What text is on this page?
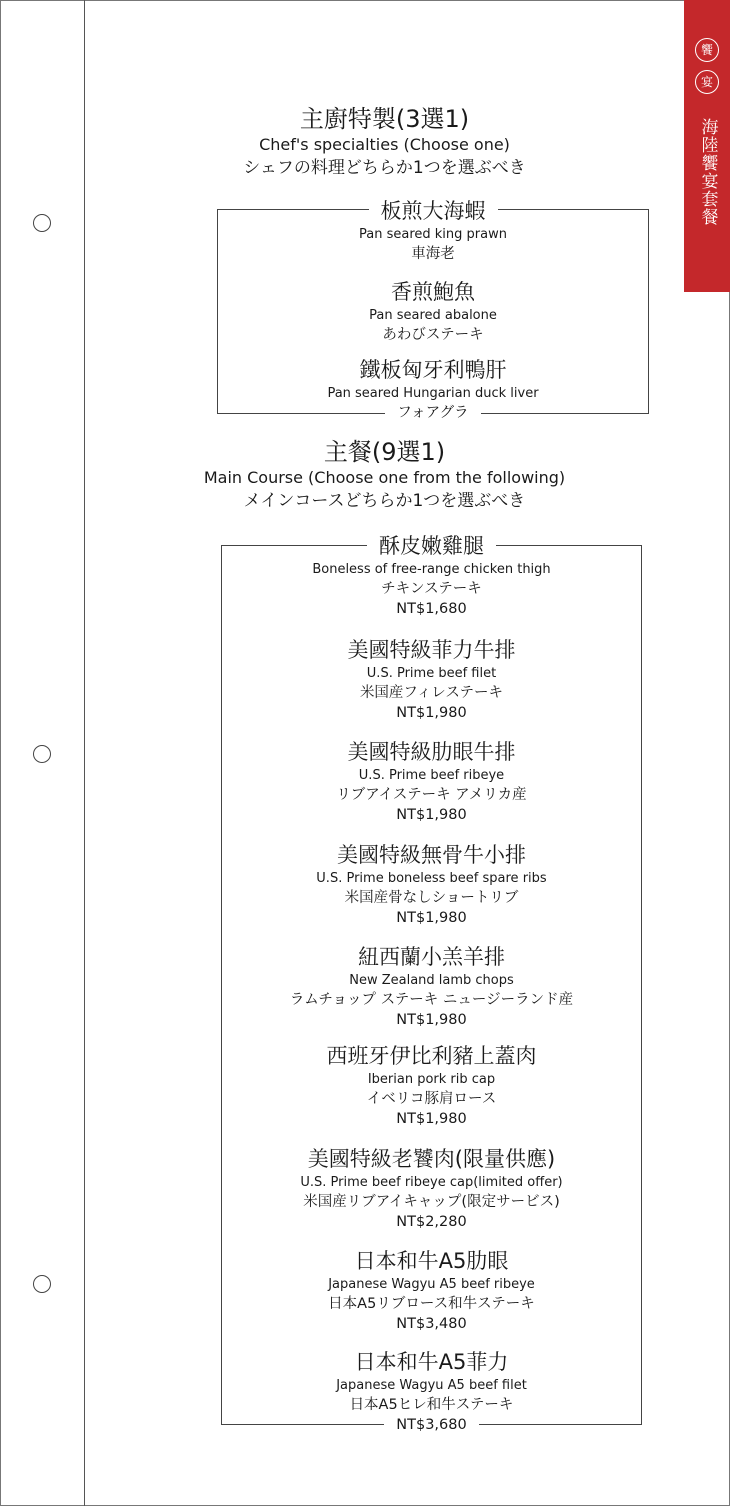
饗
宴
海陸饗宴套餐
主廚特製(3選1)
Chef's specialties (Choose one)
シェフの料理どちらか1つを選ぶべき
板煎大海蝦
Pan seared king prawn
車海老
香煎鮑魚
Pan seared abalone
あわびステーキ
鐵板匈牙利鴨肝
Pan seared Hungarian duck liver
フォアグラ
主餐(9選1)
Main Course (Choose one from the following)
メインコースどちらか1つを選ぶべき
酥皮嫩雞腿
Boneless of free-range chicken thigh
チキンステーキ
NT$1,680
美國特級菲力牛排
U.S. Prime beef filet
米国産フィレステーキ
NT$1,980
美國特級肋眼牛排
U.S. Prime beef ribeye
リブアイステーキ アメリカ産
NT$1,980
美國特級無骨牛小排
U.S. Prime boneless beef spare ribs
米国産骨なしショートリブ
NT$1,980
紐西蘭小羔羊排
New Zealand lamb chops
ラムチョップ ステーキ ニュージーランド産
NT$1,980
西班牙伊比利豬上蓋肉
Iberian pork rib cap
イベリコ豚肩ロース
NT$1,980
美國特級老饕肉(限量供應)
U.S. Prime beef ribeye cap(limited offer)
米国産リブアイキャップ(限定サービス)
NT$2,280
日本和牛A5肋眼
Japanese Wagyu A5 beef ribeye
日本A5リブロース和牛ステーキ
NT$3,480
日本和牛A5菲力
Japanese Wagyu A5 beef filet
日本A5ヒレ和牛ステーキ
NT$3,680
